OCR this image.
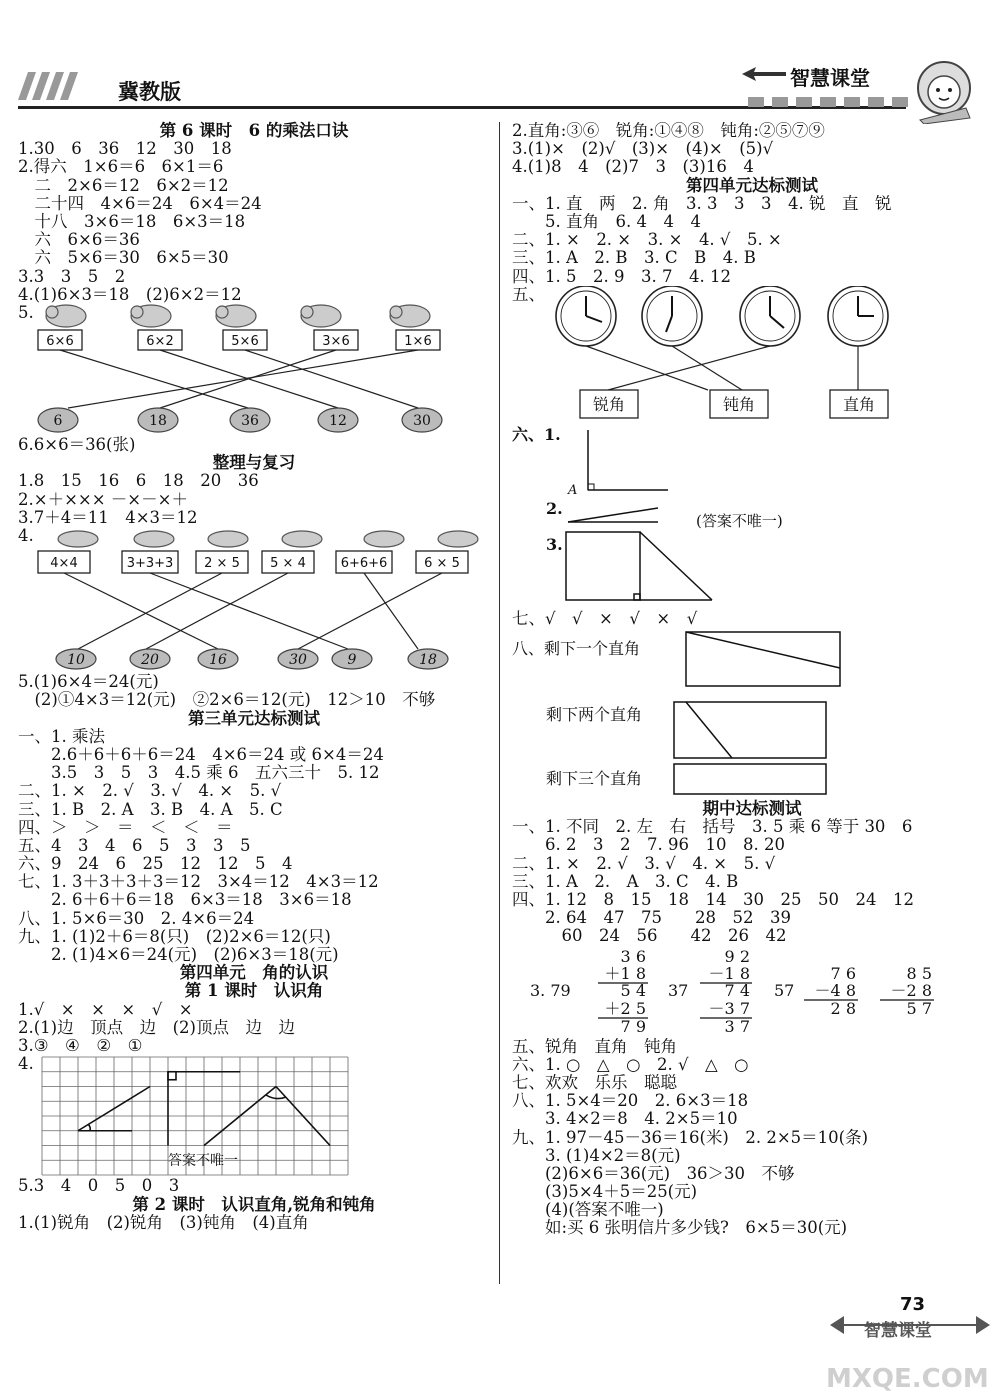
冀教版
智慧课堂
第 6 课时　6 的乘法口诀
1.30　6　36　12　30　18
2.得六　1×6＝6　6×1＝6
　二　2×6＝12　6×2＝12
　二十四　4×6＝24　6×4＝24
　十八　3×6＝18　6×3＝18
　六　6×6＝36
　六　5×6＝30　6×5＝30
3.3　3　5　2
4.(1)6×3＝18　(2)6×2＝12
5.
6×6	6×2	5×6	3×6	1×6
6	18	36	12	30
6.6×6＝36(张)
整理与复习
1.8　15　16　6　18　20　36
2.×＋××× －×－×＋
3.7＋4＝11　4×3＝12
4.
4×4	3+3+3 2 × 5 5 × 4	6+6+6	6 × 5
10	20	16	30	9	18
5.(1)6×4＝24(元)
　(2)①4×3＝12(元)　②2×6＝12(元)　12＞10　不够
第三单元达标测试
一、1. 乘法
　　2.6＋6＋6＋6＝24　4×6＝24 或 6×4＝24
　　3.5　3　5　3　4.5 乘 6　五六三十　5. 12
二、1. ×　2. √　3. √　4. ×　5. √
三、1. B　2. A　3. B　4. A　5. C
四、＞　＞　＝　＜　＜　＝
五、4　3　4　6　5　3　3　5
六、9　24　6　25　12　12　5　4
七、1. 3＋3＋3＋3＝12　3×4＝12　4×3＝12
　　2. 6＋6＋6＝18　6×3＝18　3×6＝18
八、1. 5×6＝30　2. 4×6＝24
九、1. (1)2＋6＝8(只)　(2)2×6＝12(只)
　　2. (1)4×6＝24(元)　(2)6×3＝18(元)
第四单元　角的认识
第 1 课时　认识角
1.√　×　×　×　√　×
2.(1)边　顶点　边　(2)顶点　边　边
3.③　④　②　①
4.
答案不唯一
5.3　4　0　5　0　3
第 2 课时　认识直角,锐角和钝角
1.(1)锐角　(2)锐角　(3)钝角　(4)直角
2.直角:③⑥　锐角:①④⑧　钝角:②⑤⑦⑨
3.(1)×　(2)√　(3)×　(4)×　(5)√
4.(1)8　4　(2)7　3　(3)16　4
第四单元达标测试
一、1. 直　两　2. 角　3. 3　3　3　4. 锐　直　锐
　　5. 直角　6. 4　4　4
二、1. ×　2. ×　3. ×　4. √　5. ×
三、1. A　2. B　3. C　B　4. B
四、1. 5　2. 9　3. 7　4. 12
五、
锐角	钝角	直角
六、1.
A
2.
(答案不唯一)
3.
七、√　√　×　√　×　√
八、剩下一个直角
剩下两个直角
剩下三个直角
期中达标测试
一、1. 不同　2. 左　右　括号　3. 5 乘 6 等于 30　6
　　6. 2　3　2　7. 96　10　8. 20
二、1. ×　2. √　3. √　4. ×　5. √
三、1. A　2.　A　3. C　4. B
四、1. 12　8　15　18　14　30　25　50　24　12
　　2. 64　47　75　　28　52　39
　　　60　24　56　　42　26　42
3. 79	37	57
3 6
＋1 8
5 4
＋2 5
7 9
9 2
－1 8
7 4
－3 7
3 7
7 6
－4 8
2 8
8 5
－2 8
5 7
五、锐角　直角　钝角
六、1. ○　△　○　2. √　△　○
七、欢欢　乐乐　聪聪
八、1. 5×4＝20　2. 6×3＝18
　　3. 4×2＝8　4. 2×5＝10
九、1. 97－45－36＝16(米)　2. 2×5＝10(条)
　　3. (1)4×2＝8(元)
　　(2)6×6＝36(元)　36＞30　不够
　　(3)5×4＋5＝25(元)
　　(4)(答案不唯一)
　　如:买 6 张明信片多少钱?　6×5＝30(元)
73
智慧课堂
MXQE.COM
